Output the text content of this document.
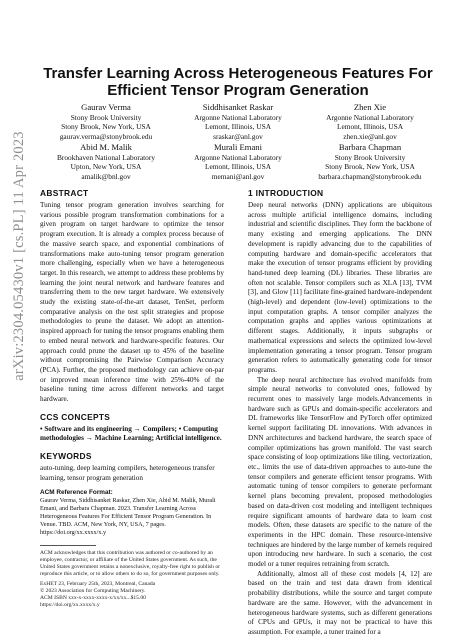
arXiv:2304.05430v1 [cs.PL] 11 Apr 2023
Transfer Learning Across Heterogeneous Features For Efficient Tensor Program Generation
Gaurav Verma
Stony Brook University
Stony Brook, New York, USA
gaurav.verma@stonybrook.edu
Siddhisanket Raskar
Argonne National Laboratory
Lemont, Illinois, USA
sraskar@anl.gov
Zhen Xie
Argonne National Laboratory
Lemont, Illinois, USA
zhen.xie@anl.gov
Abid M. Malik
Brookhaven National Laboratory
Upton, New York, USA
amalik@bnl.gov
Murali Emani
Argonne National Laboratory
Lemont, Illinois, USA
memani@anl.gov
Barbara Chapman
Stony Brook University
Stony Brook, New York, USA
barbara.chapman@stonybrook.edu
ABSTRACT

Tuning tensor program generation involves searching for various possible program transformation combinations for a given program on target hardware to optimize the tensor program execution. It is already a complex process because of the massive search space, and exponential combinations of transformations make auto-tuning tensor program generation more challenging, especially when we have a heterogeneous target. In this research, we attempt to address these problems by learning the joint neural network and hardware features and transferring them to the new target hardware. We extensively study the existing state-of-the-art dataset, TenSet, perform comparative analysis on the test split strategies and propose methodologies to prune the dataset. We adopt an attention-inspired approach for tuning the tensor programs enabling them to embed neural network and hardware-specific features. Our approach could prune the dataset up to 45% of the baseline without compromising the Pairwise Comparison Accuracy (PCA). Further, the proposed methodology can achieve on-par or improved mean inference time with 25%-40% of the baseline tuning time across different networks and target hardware.

CCS CONCEPTS

• Software and its engineering → Compilers; • Computing methodologies → Machine Learning; Artificial intelligence.

KEYWORDS

auto-tuning, deep learning compilers, heterogeneous transfer learning, tensor program generation

ACM Reference Format:

Gaurav Verma, Siddhisanket Raskar, Zhen Xie, Abid M. Malik, Murali Emani, and Barbara Chapman. 2023. Transfer Learning Across Heterogeneous Features For Efficient Tensor Program Generation. In Venue. TBD. ACM, New York, NY, USA, 7 pages. https://doi.org/xx.xxxx/x.y

ACM acknowledges that this contribution was authored or co-authored by an employee, contractor, or affiliate of the United States government. As such, the United States government retains a nonexclusive, royalty-free right to publish or reproduce this article, or to allow others to do so, for government purposes only.

ExHET 23, February 25th, 2023, Montreal, Canada

© 2023 Association for Computing Machinery.

ACM ISBN xxx-x-xxxx-xxxx-x/xx/xx...$15.00

https://doi.org/xx.xxxx/x.y

1 INTRODUCTION

Deep neural networks (DNN) applications are ubiquitous across multiple artificial intelligence domains, including industrial and scientific disciplines. They form the backbone of many existing and emerging applications. The DNN development is rapidly advancing due to the capabilities of computing hardware and domain-specific accelerators that make the execution of tensor programs efficient by providing hand-tuned deep learning (DL) libraries. These libraries are often not scalable. Tensor compilers such as XLA [13], TVM [3], and Glow [11] facilitate fine-grained hardware-independent (high-level) and dependent (low-level) optimizations to the input computation graphs. A tensor compiler analyzes the computation graphs and applies various optimizations at different stages. Additionally, it inputs subgraphs or mathematical expressions and selects the optimized low-level implementation generating a tensor program. Tensor program generation refers to automatically generating code for tensor programs.

The deep neural architecture has evolved manifolds from simple neural networks to convoluted ones, followed by recurrent ones to massively large models.Advancements in hardware such as GPUs and domain-specific accelerators and DL frameworks like TensorFlow and PyTorch offer optimized kernel support facilitating DL innovations. With advances in DNN architectures and backend hardware, the search space of compiler optimizations has grown manifold. The vast search space consisting of loop optimizations like tiling, vectorization, etc., limits the use of data-driven approaches to auto-tune the tensor compilers and generate efficient tensor programs. With automatic tuning of tensor compilers to generate performant kernel plans becoming prevalent, proposed methodologies based on data-driven cost modeling and intelligent techniques require significant amounts of hardware data to learn cost models. Often, these datasets are specific to the nature of the experiments in the HPC domain. These resource-intensive techniques are hindered by the large number of kernels required upon introducing new hardware. In such a scenario, the cost model or a tuner requires retraining from scratch.

Additionally, almost all of these cost models [4, 12] are based on the train and test data drawn from identical probability distributions, while the source and target compute hardware are the same. However, with the advancement in heterogeneous hardware systems, such as different generations of CPUs and GPUs, it may not be practical to have this assumption. For example, a tuner trained for a
